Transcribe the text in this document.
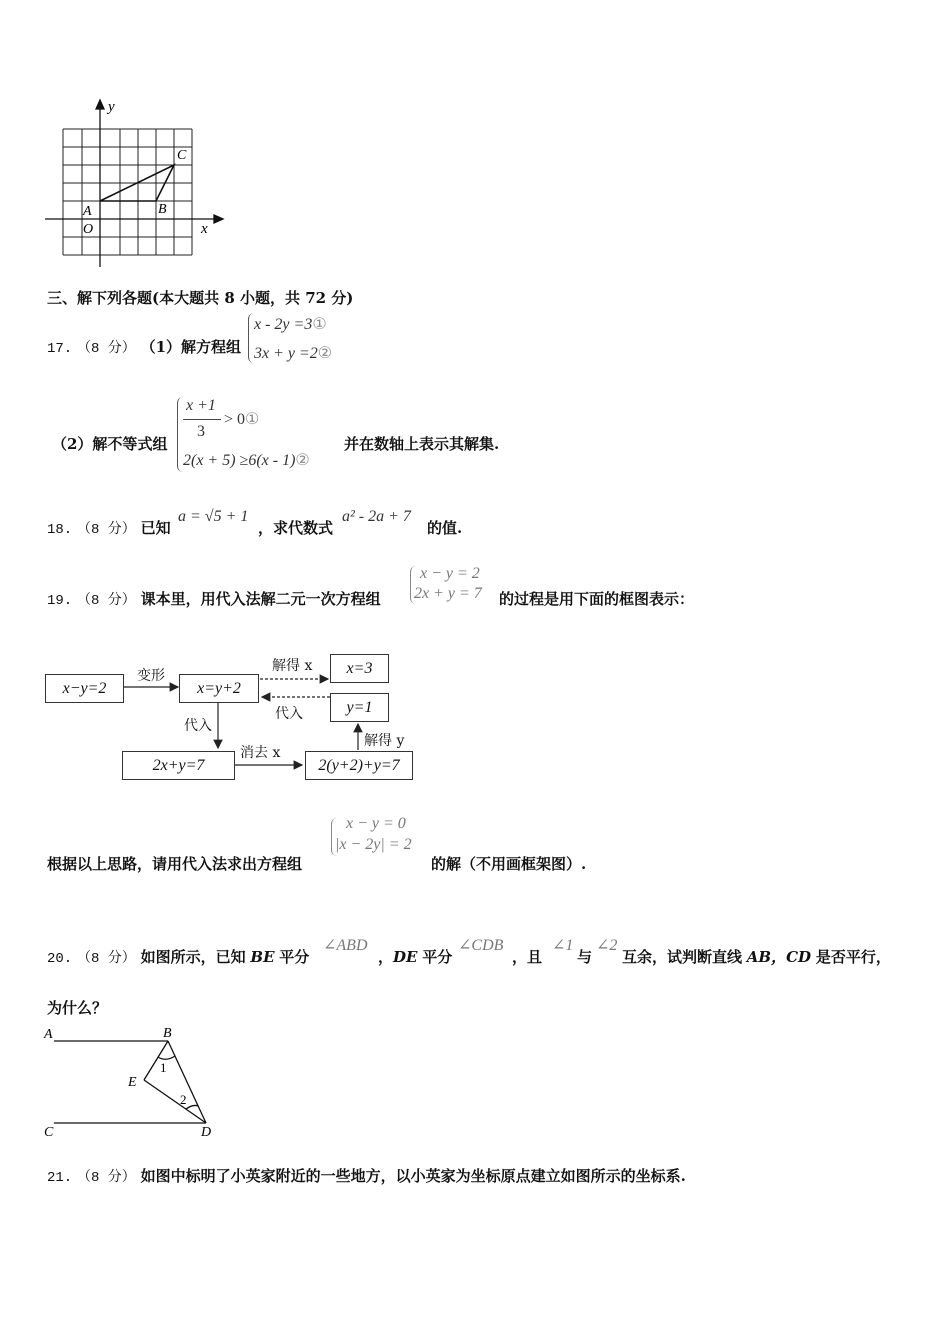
y
x
O
A	B
C
三、解下列各题(本大题共 8 小题，共 72 分)
17. （8 分） （1）解方程组
x - 2y =3①
3x + y =2②
（2）解不等式组
x +1
3
> 0①
2(x + 5) ≥6(x - 1)②
并在数轴上表示其解集.
18. （8 分） 已知
a = √5 + 1
，求代数式
a² - 2a + 7
的值.
19. （8 分） 课本里，用代入法解二元一次方程组
x − y = 2
2x + y = 7 的过程是用下面的框图表示：
x−y=2	x=y+2
x=3
y=1
2x+y=7	2(y+2)+y=7
变形
解得 x
代入
代入
消去 x
解得 y
根据以上思路，请用代入法求出方程组
x − y = 0
|x − 2y| = 2
的解（不用画框架图）.
20. （8 分） 如图所示，已知 BE 平分
∠ABD
，DE 平分
∠CDB
，且
∠1
与
∠2
互余，试判断直线 AB，CD 是否平行，
为什么？
A	B
C	D
E
1
2
21. （8 分） 如图中标明了小英家附近的一些地方，以小英家为坐标原点建立如图所示的坐标系.
